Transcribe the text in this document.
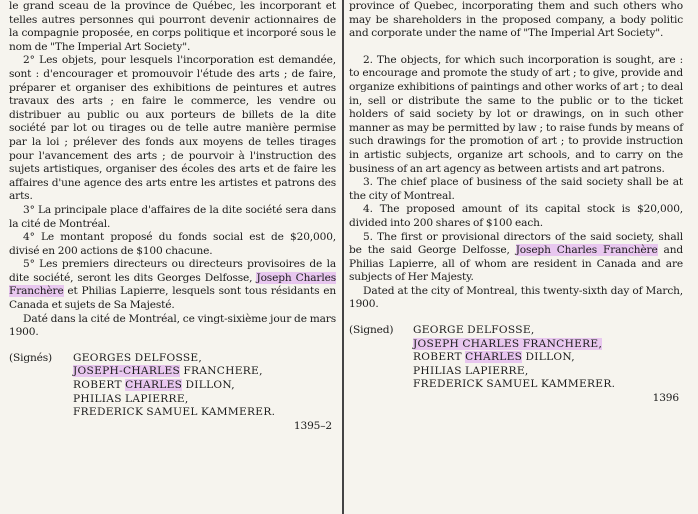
le grand sceau de la province de Québec, les incorporant et telles autres personnes qui pourront devenir actionnaires de la compagnie proposée, en corps politique et incorporé sous le nom de "The Imperial Art Society".

2° Les objets, pour lesquels l'incorporation est demandée, sont : d'encourager et promouvoir l'étude des arts ; de faire, préparer et organiser des exhibitions de peintures et autres travaux des arts ; en faire le commerce, les vendre ou distribuer au public ou aux porteurs de billets de la dite société par lot ou tirages ou de telle autre manière permise par la loi ; prélever des fonds aux moyens de telles tirages pour l'avancement des arts ; de pourvoir à l'instruction des sujets artistiques, organiser des écoles des arts et de faire les affaires d'une agence des arts entre les artistes et patrons des arts.

3° La principale place d'affaires de la dite société sera dans la cité de Montréal.

4° Le montant proposé du fonds social est de $20,000, divisé en 200 actions de $100 chacune.

5° Les premiers directeurs ou directeurs provisoires de la dite société, seront les dits Georges Delfosse, Joseph Charles Franchère et Philias Lapierre, lesquels sont tous résidants en Canada et sujets de Sa Majesté.

Daté dans la cité de Montréal, ce vingt-sixième jour de mars 1900.

(Signés) GEORGES DELFOSSE,
JOSEPH-CHARLES FRANCHERE,
ROBERT CHARLES DILLON,
PHILIAS LAPIERRE,
FREDERICK SAMUEL KAMMERER.
1395–2

province of Quebec, incorporating them and such others who may be shareholders in the proposed company, a body politic and corporate under the name of "The Imperial Art Society".

2. The objects, for which such incorporation is sought, are : to encourage and promote the study of art ; to give, provide and organize exhibitions of paintings and other works of art ; to deal in, sell or distribute the same to the public or to the ticket holders of said society by lot or drawings, on in such other manner as may be permitted by law ; to raise funds by means of such drawings for the promotion of art ; to provide instruction in artistic subjects, organize art schools, and to carry on the business of an art agency as between artists and art patrons.

3. The chief place of business of the said society shall be at the city of Montreal.

4. The proposed amount of its capital stock is $20,000, divided into 200 shares of $100 each.

5. The first or provisional directors of the said society, shall be the said George Delfosse, Joseph Charles Franchère and Philias Lapierre, all of whom are resident in Canada and are subjects of Her Majesty.

Dated at the city of Montreal, this twenty-sixth day of March, 1900.

(Signed) GEORGE DELFOSSE,
JOSEPH CHARLES FRANCHERE,
ROBERT CHARLES DILLON,
PHILIAS LAPIERRE,
FREDERICK SAMUEL KAMMERER.
1396
